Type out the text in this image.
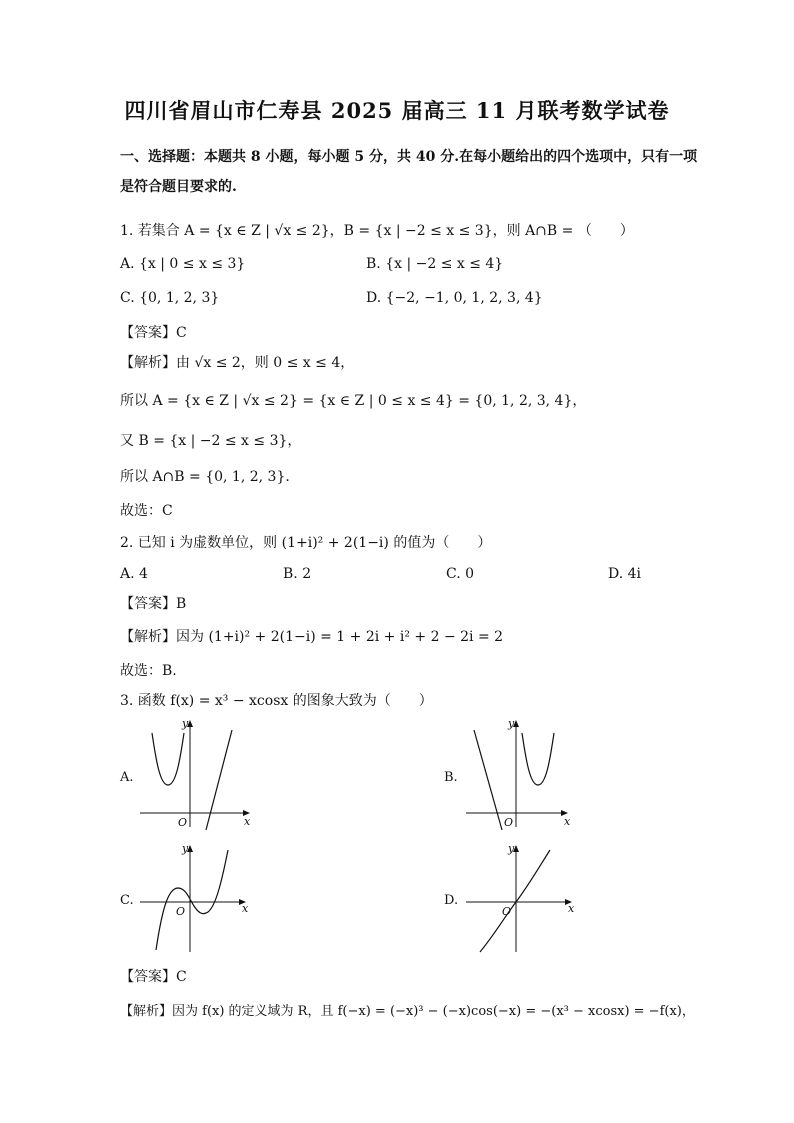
四川省眉山市仁寿县 2025 届高三 11 月联考数学试卷
一、选择题：本题共 8 小题，每小题 5 分，共 40 分.在每小题给出的四个选项中，只有一项
是符合题目要求的.
1. 若集合 A = {x ∈ Z | √x ≤ 2}，B = {x | −2 ≤ x ≤ 3}，则 A∩B = （　　）
A. {x | 0 ≤ x ≤ 3}	B. {x | −2 ≤ x ≤ 4}
C. {0, 1, 2, 3}	D. {−2, −1, 0, 1, 2, 3, 4}
【答案】C
【解析】由 √x ≤ 2，则 0 ≤ x ≤ 4，
所以 A = {x ∈ Z | √x ≤ 2} = {x ∈ Z | 0 ≤ x ≤ 4} = {0, 1, 2, 3, 4}，
又 B = {x | −2 ≤ x ≤ 3}，
所以 A∩B = {0, 1, 2, 3}.
故选：C
2. 已知 i 为虚数单位，则 (1+i)² + 2(1−i) 的值为（　　）
A. 4	B. 2	C. 0	D. 4i
【答案】B
【解析】因为 (1+i)² + 2(1−i) = 1 + 2i + i² + 2 − 2i = 2
故选：B.
3. 函数 f(x) = x³ − xcosx 的图象大致为（　　）
A.
x
y
O
B.
x
y
O
C.
x
y
O
D.
x
y
O
【答案】C
【解析】因为 f(x) 的定义域为 R，且 f(−x) = (−x)³ − (−x)cos(−x) = −(x³ − xcosx) = −f(x)，
